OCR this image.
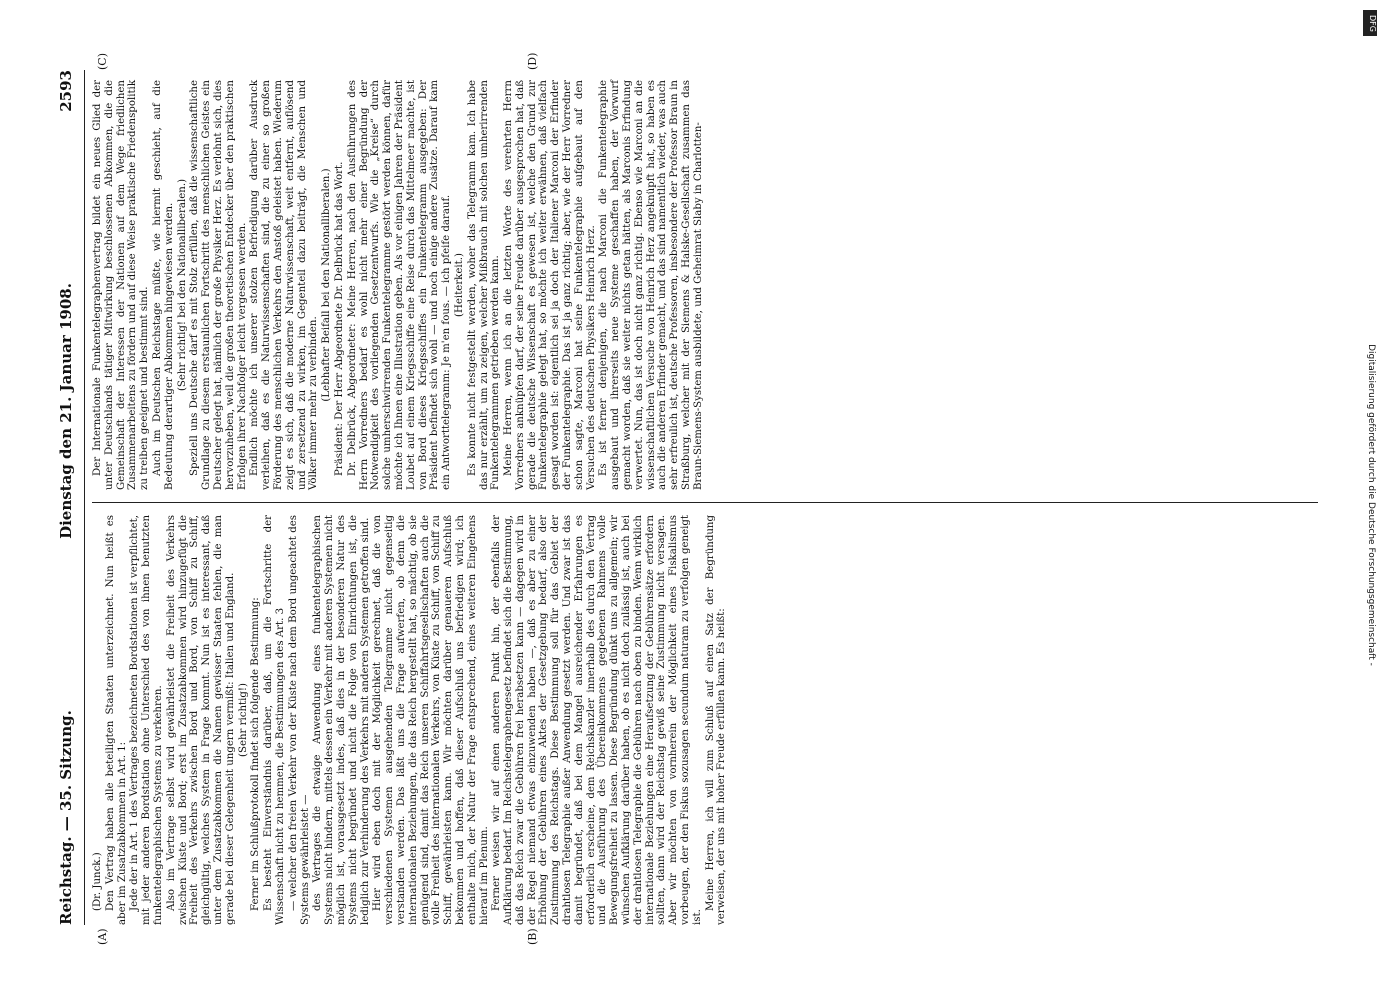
Reichstag. — 35. Sitzung.
Dienstag den 21. Januar 1908.
2593
(A)	(B)
(C)	(D)

(Dr. Junck.) Den Vertrag haben alle beteiligten Staaten unterzeichnet. Nun heißt es aber im Zusatzabkommen in Art. 1: Jede der in Art. 1 des Vertrages bezeichneten Bordstationen ist verpflichtet, mit jeder anderen Bordstation ohne Unterschied des von ihnen benutzten funkentelegraphischen Systems zu verkehren. Also im Vertrage selbst wird gewährleistet die Freiheit des Verkehrs zwischen Küste und Bord; erst im Zusatzabkommen wird hinzugefügt die Freiheit des Verkehrs zwischen Bord und Bord, von Schiff zu Schiff, gleichgültig, welches System in Frage kommt. Nun ist es interessant, daß unter dem Zusatzabkommen die Namen gewisser Staaten fehlen, die man gerade bei dieser Gelegenheit ungern vermißt: Italien und England. (Sehr richtig!) Ferner im Schlußprotokoll findet sich folgende Bestimmung: Es besteht Einverständnis darüber, daß, um die Fortschritte der Wissenschaft nicht zu hemmen, die Bestimmungen des Art. 3 — welcher den freien Verkehr von der Küste nach dem Bord ungeachtet des Systems gewährleistet — des Vertrages die etwaige Anwendung eines funkentelegraphischen Systems nicht hindern, mittels dessen ein Verkehr mit anderen Systemen nicht möglich ist, vorausgesetzt indes, daß dies in der besonderen Natur des Systems nicht begründet und nicht die Folge von Einrichtungen ist, die lediglich zur Verhinderung des Verkehrs mit anderen Systemen getroffen sind. Hier wird eben doch mit der Möglichkeit gerechnet, daß die von verschiedenen Systemen ausgehenden Telegramme nicht gegenseitig verstanden werden. Das läßt uns die Frage aufwerfen, ob denn die internationalen Beziehungen, die das Reich hergestellt hat, so mächtig, ob sie genügend sind, damit das Reich unseren Schiffahrtsgesellschaften auch die volle Freiheit des internationalen Verkehrs, von Küste zu Schiff, von Schiff zu Schiff, gewährleisten kann. Wir möchten darüber genaueren Aufschluß bekommen und hoffen, daß dieser Aufschluß uns befriedigen wird; ich enthalte mich, der Natur der Frage entsprechend, eines weiteren Eingehens hierauf im Plenum. Ferner weisen wir auf einen anderen Punkt hin, der ebenfalls der Aufklärung bedarf. Im Reichstelegraphengesetz befindet sich die Bestimmung, daß das Reich zwar die Gebühren frei herabsetzen kann — dagegen wird in der Regel niemand etwas einzuwenden haben —, daß es aber zu einer Erhöhung der Gebühren eines Aktes der Gesetzgebung bedarf, also der Zustimmung des Reichstags. Diese Bestimmung soll für das Gebiet der drahtlosen Telegraphie außer Anwendung gesetzt werden. Und zwar ist das damit begründet, daß bei dem Mangel ausreichender Erfahrungen es erforderlich erscheine, dem Reichskanzler innerhalb des durch den Vertrag und die Ausführung des Übereinkommens gegebenen Rahmens volle Bewegungsfreiheit zu lassen. Diese Begründung dünkt uns zu allgemein; wir wünschen Aufklärung darüber haben, ob es nicht doch zulässig ist, auch bei der drahtlosen Telegraphie die Gebühren nach oben zu binden. Wenn wirklich internationale Beziehungen eine Heraufsetzung der Gebührensätze erfordern sollten, dann wird der Reichstag gewiß seine Zustimmung nicht versagen. Aber wir möchten von vornherein der Möglichkeit eines Fiskalismus vorbeugen, der den Fiskus sozusagen secundum naturam zu verfolgen geneigt ist.

Meine Herren, ich will zum Schluß auf einen Satz der Begründung verweisen, der uns mit hoher Freude erfüllen kann. Es heißt:

Der Internationale Funkentelegraphenvertrag bildet ein neues Glied der unter Deutschlands tätiger Mitwirkung beschlossenen Abkommen, die die Gemeinschaft der Interessen der Nationen auf dem Wege friedlichen Zusammenarbeitens zu fördern und auf diese Weise praktische Friedenspolitik zu treiben geeignet und bestimmt sind. Auch im Deutschen Reichstage müßte, wie hiermit geschieht, auf die Bedeutung derartiger Abkommen hingewiesen werden. (Sehr richtig! bei den Nationalliberalen.) Speziell uns Deutsche darf es mit Stolz erfüllen, daß die wissenschaftliche Grundlage zu diesem erstaunlichen Fortschritt des menschlichen Geistes ein Deutscher gelegt hat, nämlich der große Physiker Herz. Es verlohnt sich, dies hervorzuheben, weil die großen theoretischen Entdecker über den praktischen Erfolgen ihrer Nachfolger leicht vergessen werden. Endlich möchte ich unserer stolzen Befriedigung darüber Ausdruck verleihen, daß es die Naturwissenschaften sind, die zu einer so großen Förderung des menschlichen Verkehrs den Anstoß geleistet haben. Wiederum zeigt es sich, daß die moderne Naturwissenschaft, weit entfernt, auflösend und zersetzend zu wirken, im Gegenteil dazu beiträgt, die Menschen und Völker immer mehr zu verbinden.

(Lebhafter Beifall bei den Nationalliberalen.) Präsident: Der Herr Abgeordnete Dr. Delbrück hat das Wort. Dr. Delbrück, Abgeordneter: Meine Herren, nach den Ausführungen des Herrn Vorredners bedarf es wohl nicht mehr einer Begründung der Notwendigkeit des vorliegenden Gesetzentwurfs. Wie die „Kreise“ durch solche umherschwirrenden Funkentelegramme gestört werden können, dafür möchte ich Ihnen eine Illustration geben. Als vor einigen Jahren der Präsident Loubet auf einem Kriegsschiffe eine Reise durch das Mittelmeer machte, ist von Bord dieses Kriegsschiffes ein Funkentelegramm ausgegeben: Der Präsident befindet sich wohl — und noch einige andere Zusätze. Darauf kam ein Antworttelegramm: Je m'en fous. — ich pfeife darauf. (Heiterkeit.) Es konnte nicht festgestellt werden, woher das Telegramm kam. Ich habe das nur erzählt, um zu zeigen, welcher Mißbrauch mit solchen umherirrenden Funkentelegrammen getrieben werden kann. Meine Herren, wenn ich an die letzten Worte des verehrten Herrn Vorredners anknüpfen darf, der seine Freude darüber ausgesprochen hat, daß gerade die deutsche Wissenschaft es gewesen ist, welche den Grund zur Funkentelegraphie gelegt hat, so möchte ich weiter erwähnen, daß vielfach gesagt worden ist: eigentlich sei ja doch der Italiener Marconi der Erfinder der Funkentelegraphie. Das ist ja ganz richtig; aber, wie der Herr Vorredner schon sagte, Marconi hat seine Funkentelegraphie aufgebaut auf den Versuchen des deutschen Physikers Heinrich Herz. Es ist ferner denjenigen, die nach Marconi die Funkentelegraphie ausgebaut und ihrerseits neue Systeme geschaffen haben, der Vorwurf gemacht worden, daß sie weiter nichts getan hätten, als Marconis Erfindung verwertet. Nun, das ist doch nicht ganz richtig. Ebenso wie Marconi an die wissenschaftlichen Versuche von Heinrich Herz angeknüpft hat, so haben es auch die anderen Erfinder gemacht, und das sind namentlich wieder, was auch sehr erfreulich ist, deutsche Professoren, insbesondere der Professor Braun in Straßburg, welcher mit der Siemens & Halske-Gesellschaft zusammen das Braun-Siemens-System ausbildete, und Geheimrat Slaby in Charlotten-

DFG
Digitalisierung gefördert durch die Deutsche Forschungsgemeinschaft -
